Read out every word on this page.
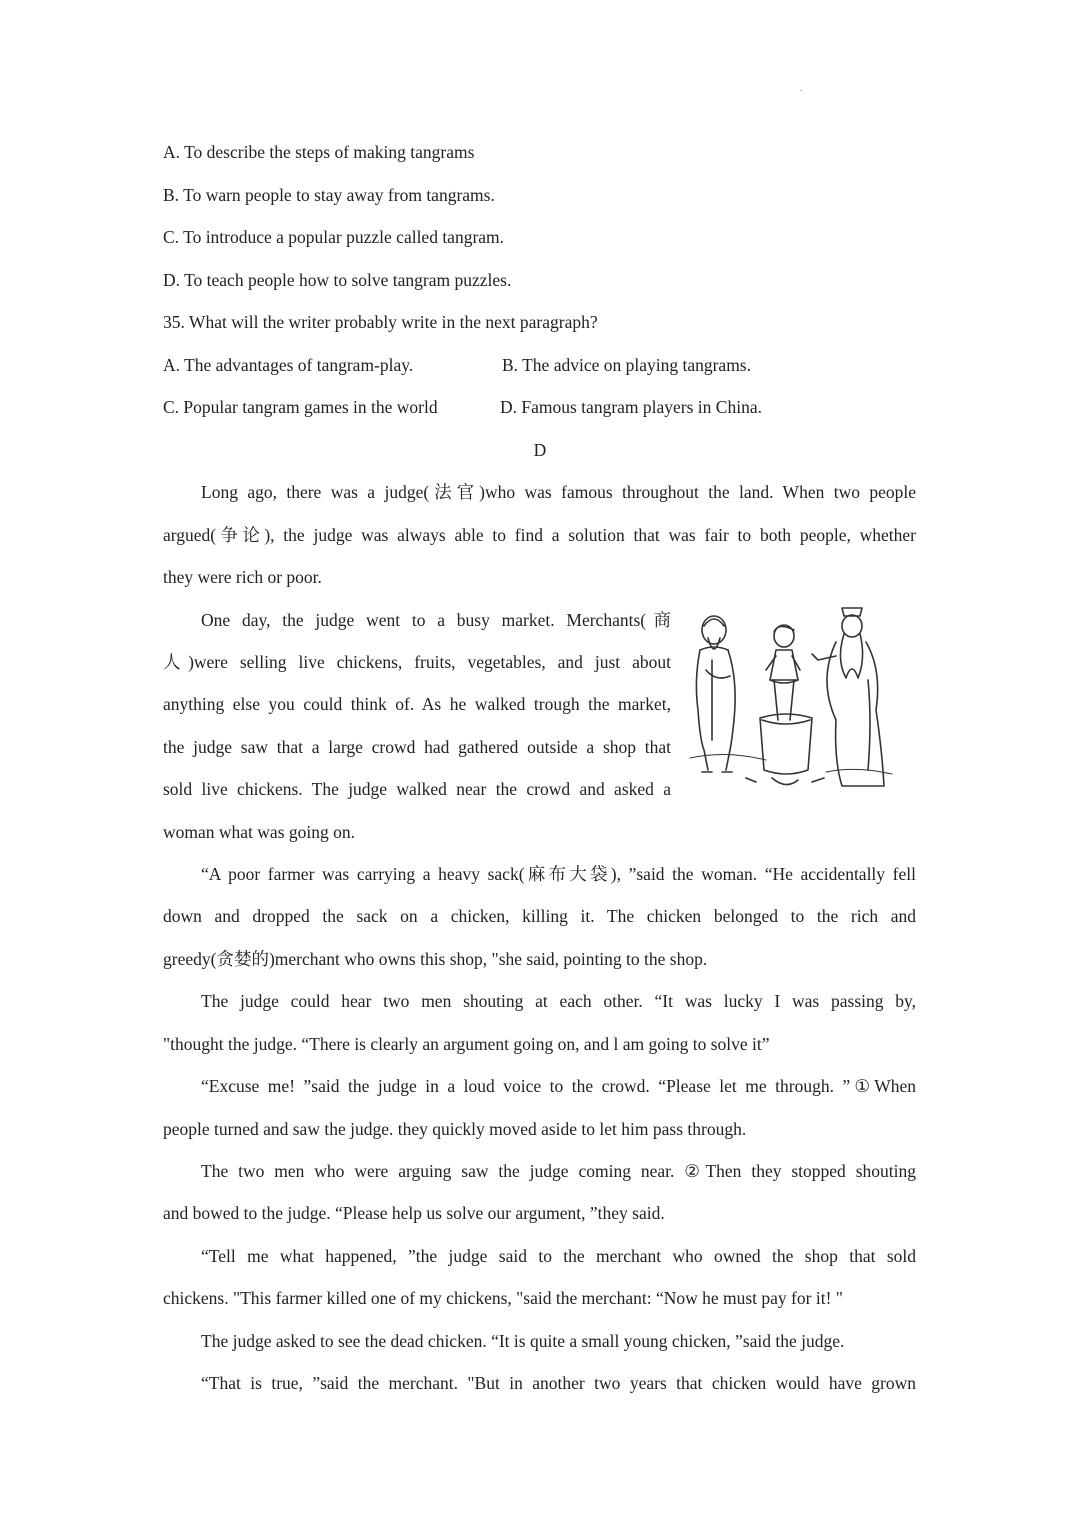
A. To describe the steps of making tangrams
B. To warn people to stay away from tangrams.
C. To introduce a popular puzzle called tangram.
D. To teach people how to solve tangram puzzles.
35. What will the writer probably write in the next paragraph?
A. The advantages of tangram-play.	B. The advice on playing tangrams.
C. Popular tangram games in the world	D. Famous tangram players in China.
D
Long ago, there was a judge(法官)who was famous throughout the land. When two people
argued(争论), the judge was always able to find a solution that was fair to both people, whether
they were rich or poor.
One day, the judge went to a busy market. Merchants(商
人)were selling live chickens, fruits, vegetables, and just about
anything else you could think of. As he walked trough the market,
the judge saw that a large crowd had gathered outside a shop that
sold live chickens. The judge walked near the crowd and asked a
woman what was going on.
“A poor farmer was carrying a heavy sack(麻布大袋), ”said the woman. “He accidentally fell
down and dropped the sack on a chicken, killing it. The chicken belonged to the rich and
greedy(贪婪的)merchant who owns this shop, "she said, pointing to the shop.
The judge could hear two men shouting at each other. “It was lucky I was passing by,
"thought the judge. “There is clearly an argument going on, and l am going to solve it”
“Excuse me! ”said the judge in a loud voice to the crowd. “Please let me through. ”①When
people turned and saw the judge. they quickly moved aside to let him pass through.
The two men who were arguing saw the judge coming near. ②Then they stopped shouting
and bowed to the judge. “Please help us solve our argument, ”they said.
“Tell me what happened, ”the judge said to the merchant who owned the shop that sold
chickens. "This farmer killed one of my chickens, "said the merchant: “Now he must pay for it! "
The judge asked to see the dead chicken. “It is quite a small young chicken, ”said the judge.
“That is true, ”said the merchant. "But in another two years that chicken would have grown
